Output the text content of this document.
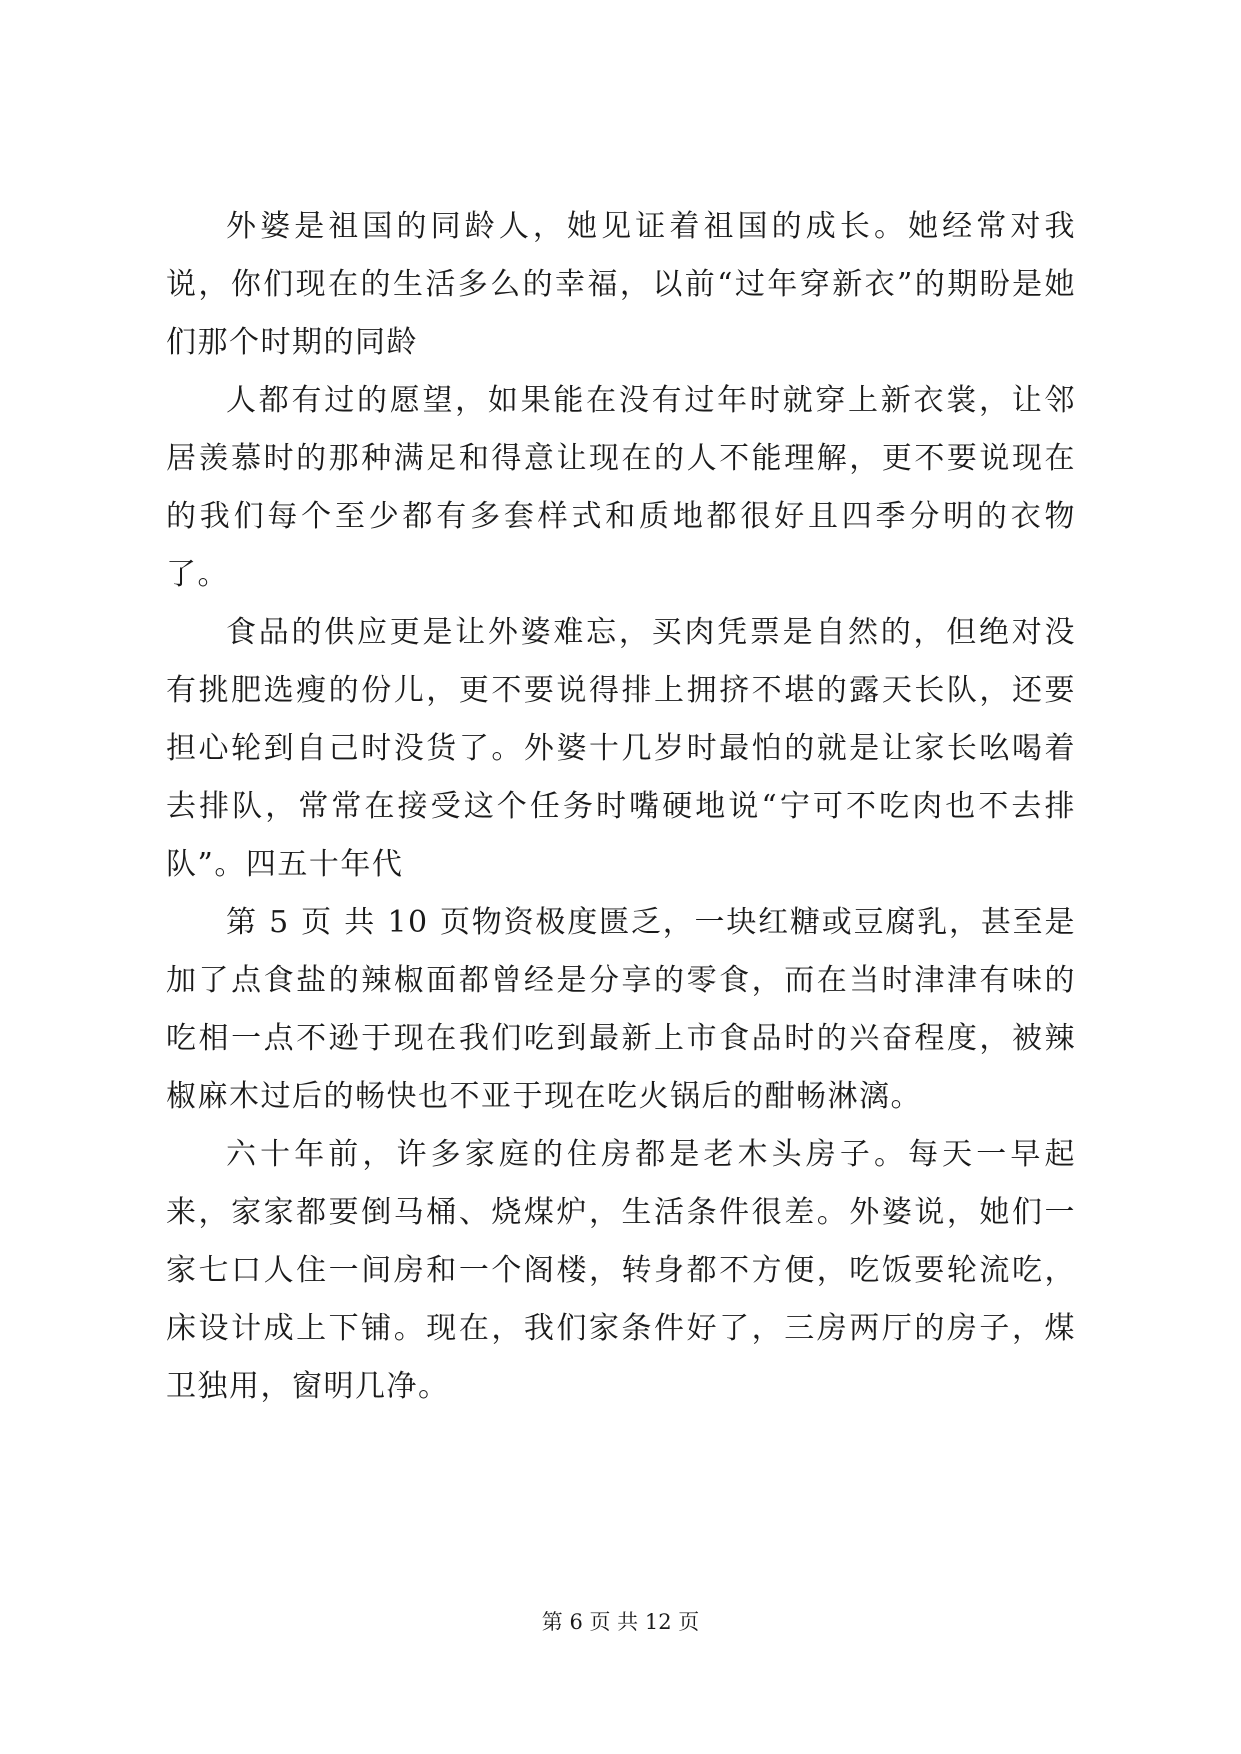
外婆是祖国的同龄人，她见证着祖国的成长。她经常对我说，你们现在的生活多么的幸福，以前“过年穿新衣”的期盼是她们那个时期的同龄

人都有过的愿望，如果能在没有过年时就穿上新衣裳，让邻居羡慕时的那种满足和得意让现在的人不能理解，更不要说现在的我们每个至少都有多套样式和质地都很好且四季分明的衣物了。

食品的供应更是让外婆难忘，买肉凭票是自然的，但绝对没有挑肥选瘦的份儿，更不要说得排上拥挤不堪的露天长队，还要担心轮到自己时没货了。外婆十几岁时最怕的就是让家长吆喝着去排队，常常在接受这个任务时嘴硬地说“宁可不吃肉也不去排队”。四五十年代

第 5 页 共 10 页物资极度匮乏，一块红糖或豆腐乳，甚至是加了点食盐的辣椒面都曾经是分享的零食，而在当时津津有味的吃相一点不逊于现在我们吃到最新上市食品时的兴奋程度，被辣椒麻木过后的畅快也不亚于现在吃火锅后的酣畅淋漓。

六十年前，许多家庭的住房都是老木头房子。每天一早起来，家家都要倒马桶、烧煤炉，生活条件很差。外婆说，她们一家七口人住一间房和一个阁楼，转身都不方便，吃饭要轮流吃，床设计成上下铺。现在，我们家条件好了，三房两厅的房子，煤卫独用，窗明几净。

第 6 页 共 12 页
